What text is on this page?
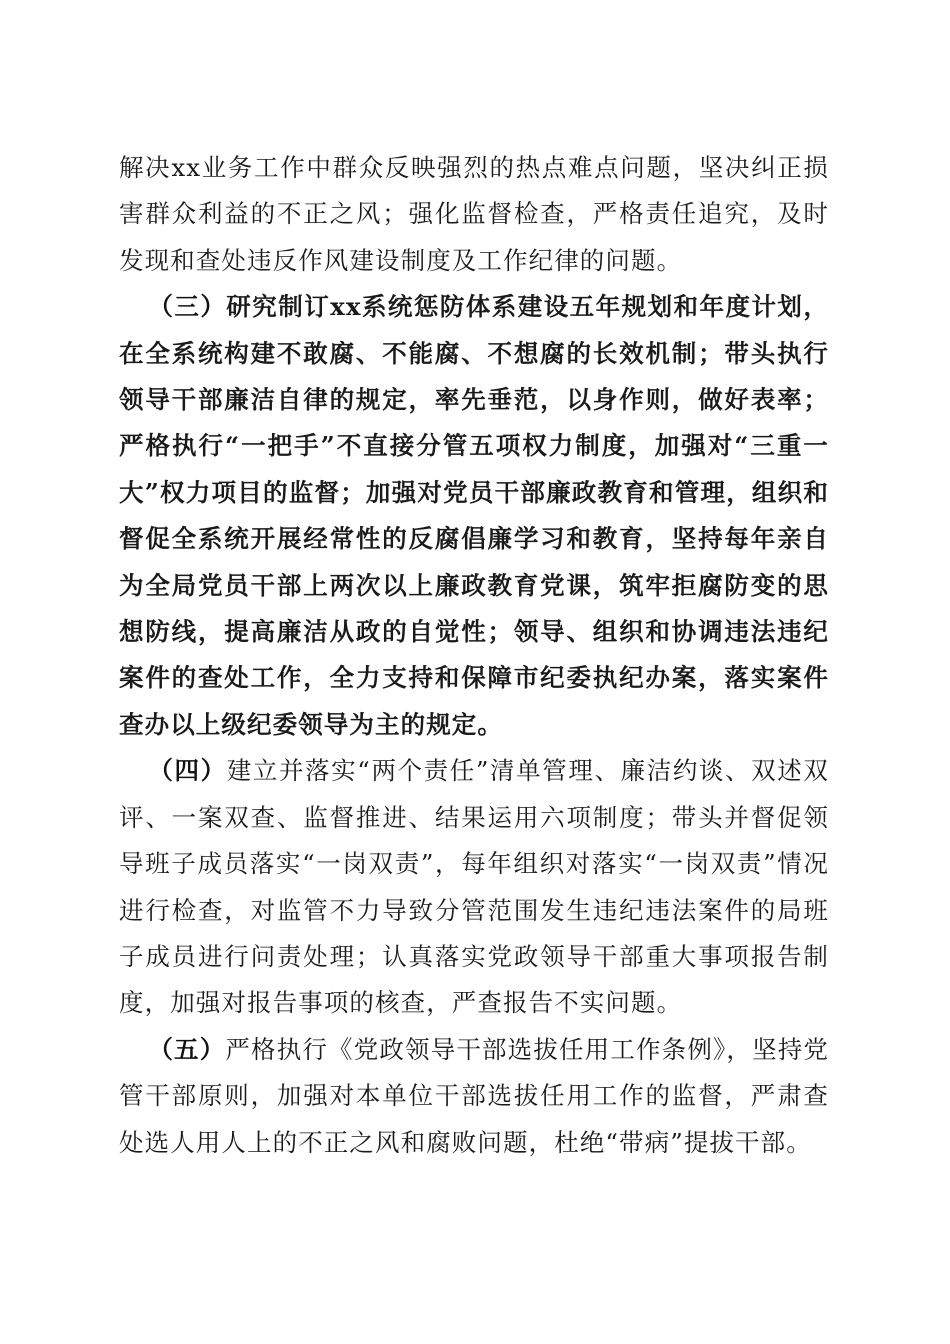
解决xx业务工作中群众反映强烈的热点难点问题，坚决纠正损害群众利益的不正之风；强化监督检查，严格责任追究，及时发现和查处违反作风建设制度及工作纪律的问题。

（三）研究制订xx系统惩防体系建设五年规划和年度计划，在全系统构建不敢腐、不能腐、不想腐的长效机制；带头执行领导干部廉洁自律的规定，率先垂范，以身作则，做好表率；严格执行“一把手”不直接分管五项权力制度，加强对“三重一大”权力项目的监督；加强对党员干部廉政教育和管理，组织和督促全系统开展经常性的反腐倡廉学习和教育，坚持每年亲自为全局党员干部上两次以上廉政教育党课，筑牢拒腐防变的思想防线，提高廉洁从政的自觉性；领导、组织和协调违法违纪案件的查处工作，全力支持和保障市纪委执纪办案，落实案件查办以上级纪委领导为主的规定。

（四）建立并落实“两个责任”清单管理、廉洁约谈、双述双评、一案双查、监督推进、结果运用六项制度；带头并督促领导班子成员落实“一岗双责”，每年组织对落实“一岗双责”情况进行检查，对监管不力导致分管范围发生违纪违法案件的局班子成员进行问责处理；认真落实党政领导干部重大事项报告制度，加强对报告事项的核查，严查报告不实问题。

（五）严格执行《党政领导干部选拔任用工作条例》，坚持党管干部原则，加强对本单位干部选拔任用工作的监督，严肃查处选人用人上的不正之风和腐败问题，杜绝“带病”提拔干部。
